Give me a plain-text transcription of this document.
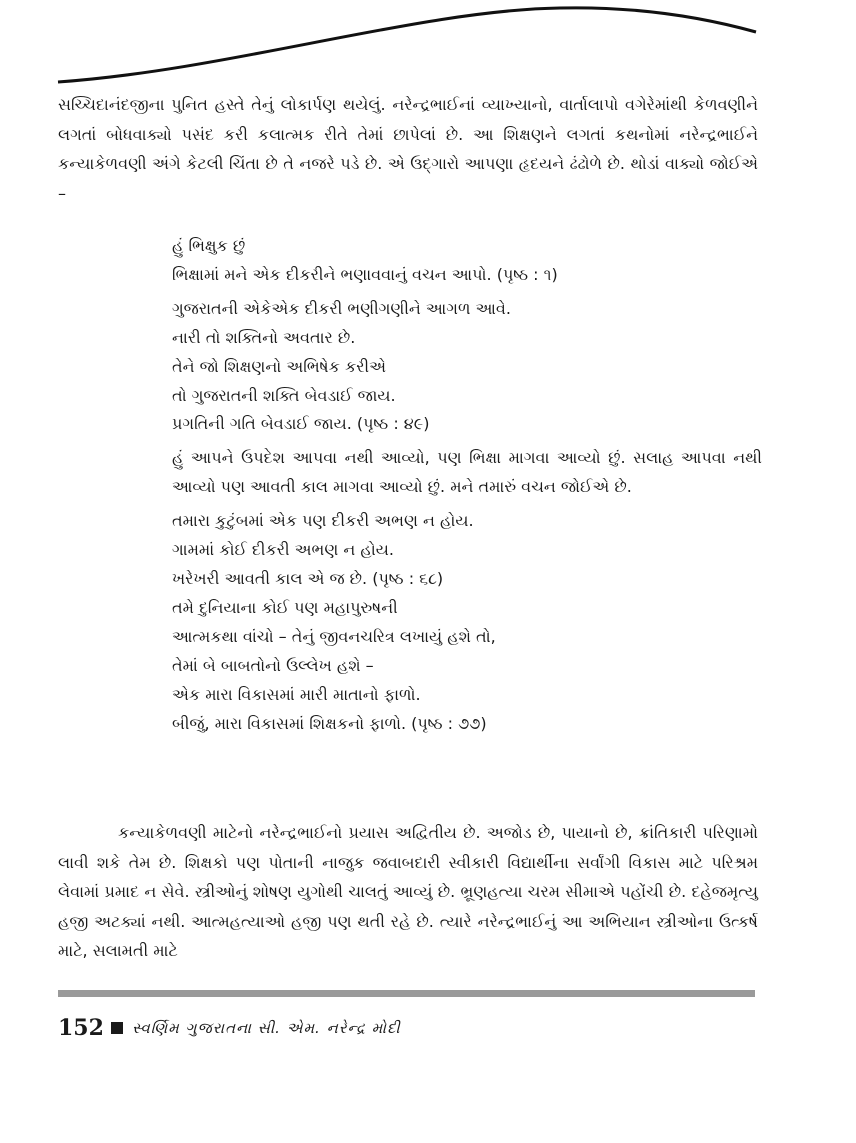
સચ્ચિદાનંદજીના પુનિત હસ્તે તેનું લોકાર્પણ થયેલું. નરેન્દ્રભાઈનાં વ્યાખ્યાનો, વાર્તાલાપો વગેરેમાંથી કેળવણીને લગતાં બોધવાક્યો પસંદ કરી કલાત્મક રીતે તેમાં છાપેલાં છે. આ શિક્ષણને લગતાં કથનોમાં નરેન્દ્રભાઈને કન્યાકેળવણી અંગે કેટલી ચિંતા છે તે નજરે પડે છે. એ ઉદ્‌ગારો આપણા હૃદયને ઢંઢોળે છે. થોડાં વાક્યો જોઈએ –

હું ભિક્ષુક છું
ભિક્ષામાં મને એક દીકરીને ભણાવવાનું વચન આપો. (પૃષ્ઠ : ૧)
ગુજરાતની એકેએક દીકરી ભણીગણીને આગળ આવે.
નારી તો શક્તિનો અવતાર છે.
તેને જો શિક્ષણનો અભિષેક કરીએ
તો ગુજરાતની શક્તિ બેવડાઈ જાય.
પ્રગતિની ગતિ બેવડાઈ જાય. (પૃષ્ઠ : ૪૯)
હું આપને ઉપદેશ આપવા નથી આવ્યો, પણ ભિક્ષા માગવા આવ્યો છું. સલાહ આપવા નથી આવ્યો પણ આવતી કાલ માગવા આવ્યો છું. મને તમારું વચન જોઈએ છે.
તમારા કુટુંબમાં એક પણ દીકરી અભણ ન હોય.
ગામમાં કોઈ દીકરી અભણ ન હોય.
ખરેખરી આવતી કાલ એ જ છે. (પૃષ્ઠ : ૬૮)
તમે દુનિયાના કોઈ પણ મહાપુરુષની
આત્મકથા વાંચો – તેનું જીવનચરિત્ર લખાયું હશે તો,
તેમાં બે બાબતોનો ઉલ્લેખ હશે –
એક મારા વિકાસમાં મારી માતાનો ફાળો.
બીજું, મારા વિકાસમાં શિક્ષકનો ફાળો. (પૃષ્ઠ : ૭૭)

કન્યાકેળવણી માટેનો નરેન્દ્રભાઈનો પ્રયાસ અદ્વિતીય છે. અજોડ છે, પાયાનો છે, ક્રાંતિકારી પરિણામો લાવી શકે તેમ છે. શિક્ષકો પણ પોતાની નાજુક જવાબદારી સ્વીકારી વિદ્યાર્થીના સર્વાંગી વિકાસ માટે પરિશ્રમ લેવામાં પ્રમાદ ન સેવે. સ્ત્રીઓનું શોષણ યુગોથી ચાલતું આવ્યું છે. ભ્રૂણહત્યા ચરમ સીમાએ પહોંચી છે. દહેજમૃત્યુ હજી અટક્યાં નથી. આત્મહત્યાઓ હજી પણ થતી રહે છે. ત્યારે નરેન્દ્રભાઈનું આ અભિયાન સ્ત્રીઓના ઉત્કર્ષ માટે, સલામતી માટે

152 સ્વર્ણિમ ગુજરાતના સી. એમ. નરેન્દ્ર મોદી
